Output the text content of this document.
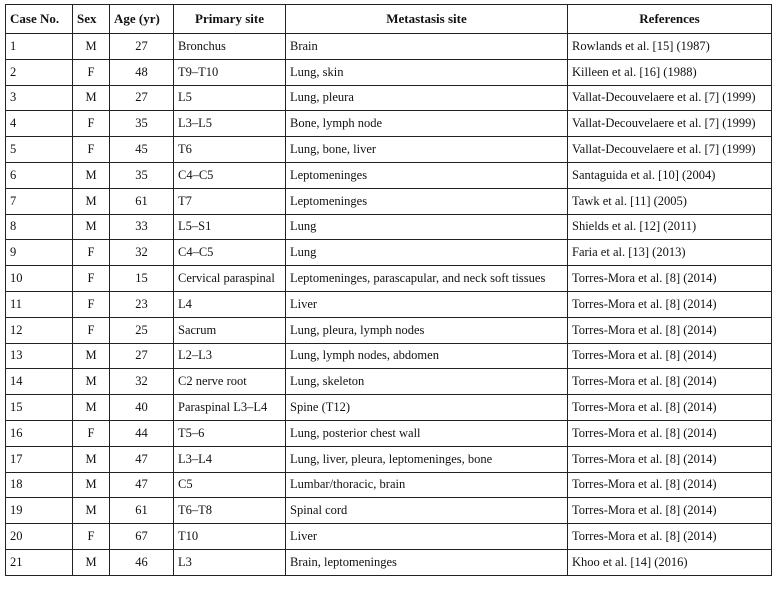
Case No.	Sex	Age (yr)	Primary site	Metastasis site	References
1	M	27	Bronchus	Brain	Rowlands et al. [15] (1987)
2	F	48	T9–T10	Lung, skin	Killeen et al. [16] (1988)
3	M	27	L5	Lung, pleura	Vallat-Decouvelaere et al. [7] (1999)
4	F	35	L3–L5	Bone, lymph node	Vallat-Decouvelaere et al. [7] (1999)
5	F	45	T6	Lung, bone, liver	Vallat-Decouvelaere et al. [7] (1999)
6	M	35	C4–C5	Leptomeninges	Santaguida et al. [10] (2004)
7	M	61	T7	Leptomeninges	Tawk et al. [11] (2005)
8	M	33	L5–S1	Lung	Shields et al. [12] (2011)
9	F	32	C4–C5	Lung	Faria et al. [13] (2013)
10	F	15	Cervical paraspinal	Leptomeninges, parascapular, and neck soft tissues	Torres-Mora et al. [8] (2014)
11	F	23	L4	Liver	Torres-Mora et al. [8] (2014)
12	F	25	Sacrum	Lung, pleura, lymph nodes	Torres-Mora et al. [8] (2014)
13	M	27	L2–L3	Lung, lymph nodes, abdomen	Torres-Mora et al. [8] (2014)
14	M	32	C2 nerve root	Lung, skeleton	Torres-Mora et al. [8] (2014)
15	M	40	Paraspinal L3–L4	Spine (T12)	Torres-Mora et al. [8] (2014)
16	F	44	T5–6	Lung, posterior chest wall	Torres-Mora et al. [8] (2014)
17	M	47	L3–L4	Lung, liver, pleura, leptomeninges, bone	Torres-Mora et al. [8] (2014)
18	M	47	C5	Lumbar/thoracic, brain	Torres-Mora et al. [8] (2014)
19	M	61	T6–T8	Spinal cord	Torres-Mora et al. [8] (2014)
20	F	67	T10	Liver	Torres-Mora et al. [8] (2014)
21	M	46	L3	Brain, leptomeninges	Khoo et al. [14] (2016)
